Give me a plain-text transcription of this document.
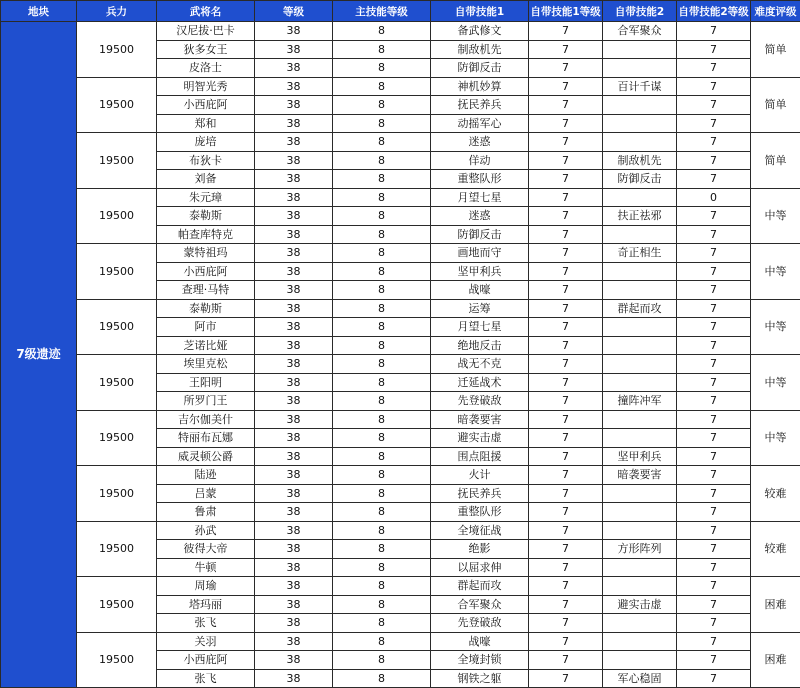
地块	兵力	武将名	等级	主技能等级	自带技能1	自带技能1等级	自带技能2	自带技能2等级	难度评级
7级遗迹	19500	汉尼拔·巴卡	38	8	备武修文	7	合军聚众	7	简单
		狄多女王	38	8	制敌机先	7		7	
		皮洛士	38	8	防御反击	7		7	
	19500	明智光秀	38	8	神机妙算	7	百计千谋	7	简单
		小西庇阿	38	8	抚民养兵	7		7	
		郑和	38	8	动摇军心	7		7	
	19500	庞培	38	8	迷惑	7		7	简单
		布狄卡	38	8	佯动	7	制敌机先	7	
		刘备	38	8	重整队形	7	防御反击	7	
	19500	朱元璋	38	8	月望七星	7		0	中等
		泰勒斯	38	8	迷惑	7	扶正祛邪	7	
		帕查库特克	38	8	防御反击	7		7	
	19500	蒙特祖玛	38	8	画地而守	7	奇正相生	7	中等
		小西庇阿	38	8	坚甲利兵	7		7	
		查理·马特	38	8	战嚎	7		7	
	19500	泰勒斯	38	8	运筹	7	群起而攻	7	中等
		阿市	38	8	月望七星	7		7	
		芝诺比娅	38	8	绝地反击	7		7	
	19500	埃里克松	38	8	战无不克	7		7	中等
		王阳明	38	8	迁延战术	7		7	
		所罗门王	38	8	先登破敌	7	撞阵冲军	7	
	19500	吉尔伽美什	38	8	暗袭要害	7		7	中等
		特丽布瓦娜	38	8	避实击虚	7		7	
		威灵顿公爵	38	8	围点阻援	7	坚甲利兵	7	
	19500	陆逊	38	8	火计	7	暗袭要害	7	较难
		吕蒙	38	8	抚民养兵	7		7	
		鲁肃	38	8	重整队形	7		7	
	19500	孙武	38	8	全境征战	7		7	较难
		彼得大帝	38	8	绝影	7	方形阵列	7	
		牛顿	38	8	以屈求伸	7		7	
	19500	周瑜	38	8	群起而攻	7		7	困难
		塔玛丽	38	8	合军聚众	7	避实击虚	7	
		张飞	38	8	先登破敌	7		7	
	19500	关羽	38	8	战嚎	7		7	困难
		小西庇阿	38	8	全境封锁	7		7	
		张飞	38	8	钢铁之躯	7	军心稳固	7	
